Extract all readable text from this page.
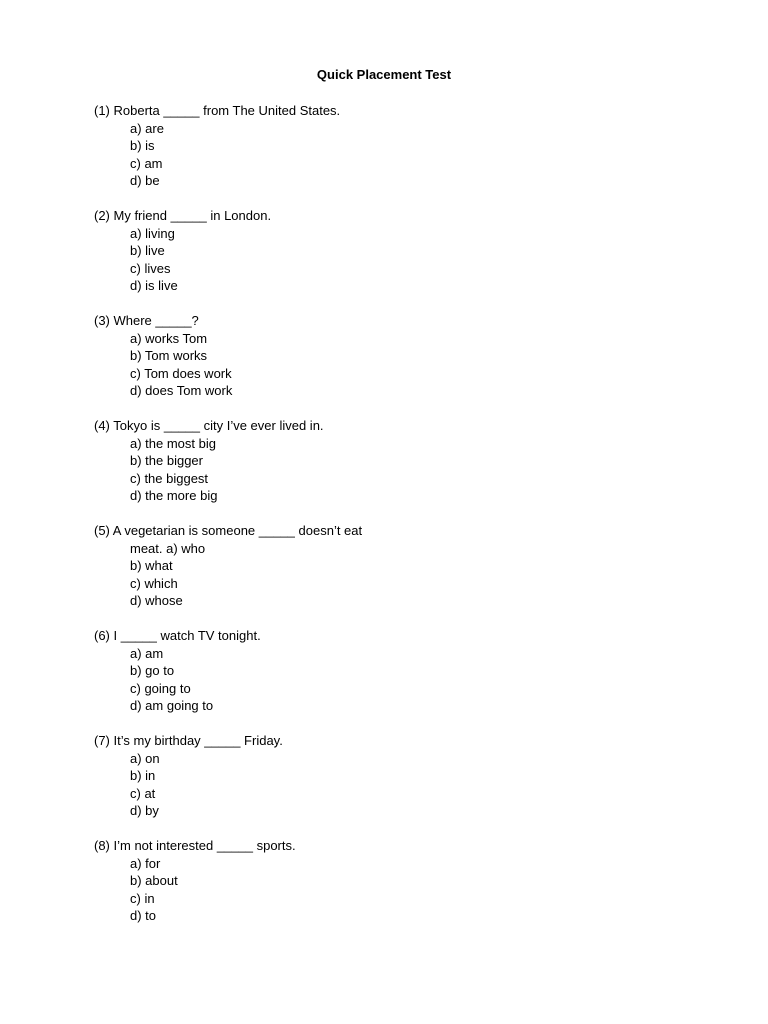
Quick Placement Test
(1) Roberta _____ from The United States.
a) are
b) is
c) am
d) be
(2) My friend _____ in London.
a) living
b) live
c) lives
d) is live
(3) Where _____?
a) works Tom
b) Tom works
c) Tom does work
d) does Tom work
(4) Tokyo is _____ city I’ve ever lived in.
a) the most big
b) the bigger
c) the biggest
d) the more big
(5) A vegetarian is someone _____ doesn’t eat
meat. a) who
b) what
c) which
d) whose
(6) I _____ watch TV tonight.
a) am
b) go to
c) going to
d) am going to
(7) It’s my birthday _____ Friday.
a) on
b) in
c) at
d) by
(8) I’m not interested _____ sports.
a) for
b) about
c) in
d) to
